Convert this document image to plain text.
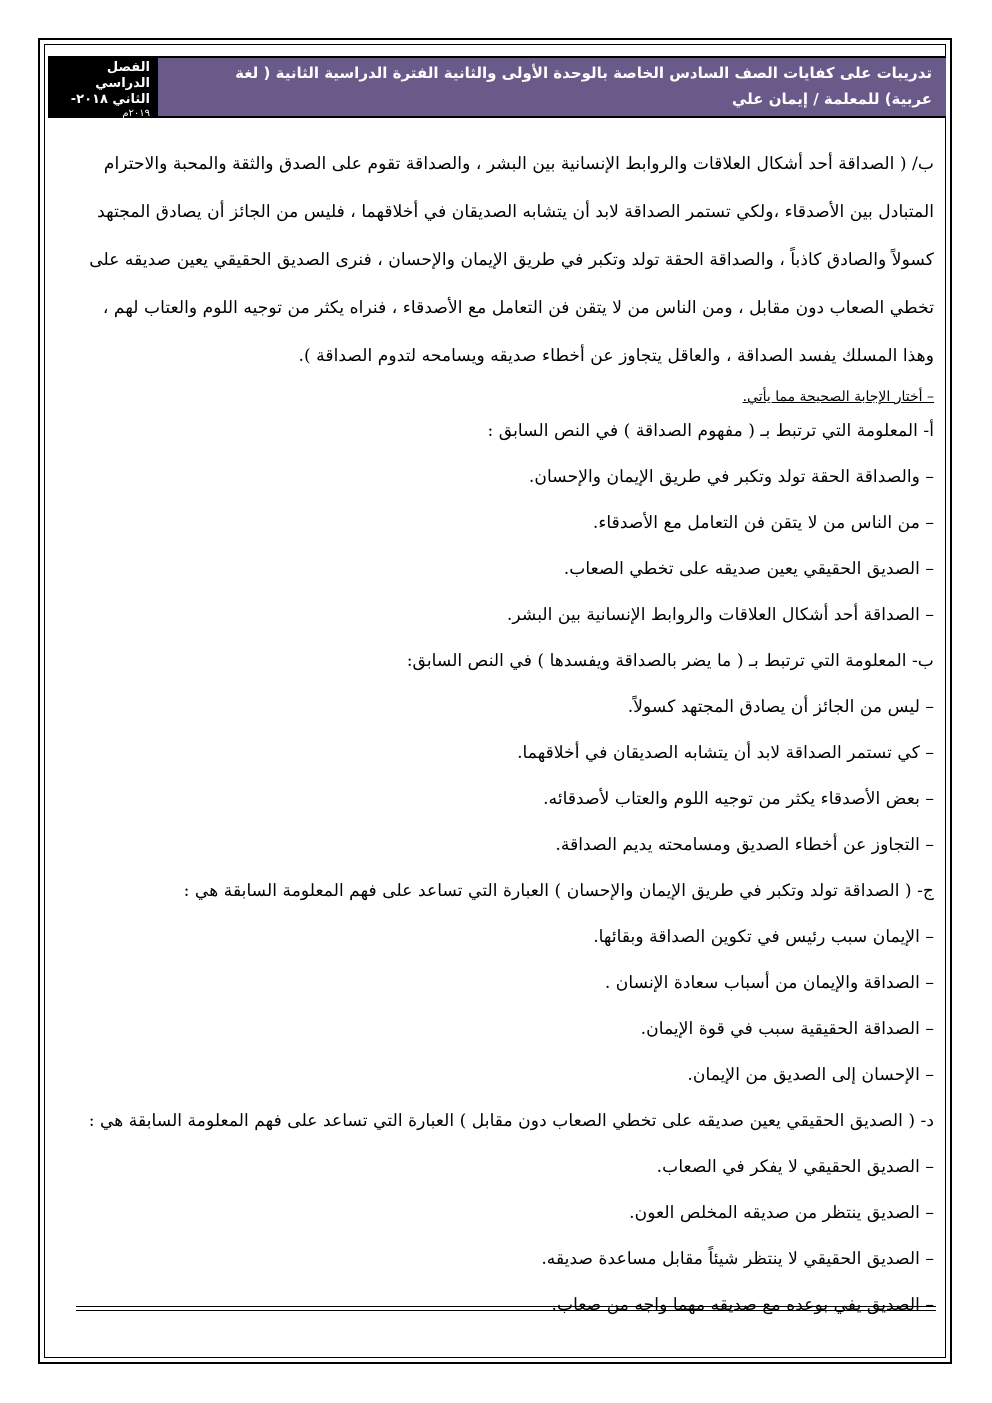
الفصل الدراسي
الثاني ٢٠١٨-
٢٠١٩م
تدريبات على كفايات الصف السادس الخاصة بالوحدة الأولى والثانية الفترة الدراسية الثانية ( لغة
عربية) للمعلمة / إيمان علي

ب/ ( الصداقة أحد أشكال العلاقات والروابط الإنسانية بين البشر ، والصداقة تقوم على الصدق والثقة والمحبة والاحترام

المتبادل بين الأصدقاء ،ولكي تستمر الصداقة لابد أن يتشابه الصديقان في أخلاقهما ، فليس من الجائز أن يصادق المجتهد

كسولاً والصادق كاذباً ، والصداقة الحقة تولد وتكبر في طريق الإيمان والإحسان ، فنرى الصديق الحقيقي يعين صديقه على

تخطي الصعاب دون مقابل ، ومن الناس من لا يتقن فن التعامل مع الأصدقاء ، فنراه يكثر من توجيه اللوم والعتاب لهم ،

وهذا المسلك يفسد الصداقة ، والعاقل يتجاوز عن أخطاء صديقه ويسامحه لتدوم الصداقة ).

– أختار الإجابة الصحيحة مما يأتي.

أ- المعلومة التي ترتبط بـ ( مفهوم الصداقة ) في النص السابق :

– والصداقة الحقة تولد وتكبر في طريق الإيمان والإحسان.

– من الناس من لا يتقن فن التعامل مع الأصدقاء.

– الصديق الحقيقي يعين صديقه على تخطي الصعاب.

– الصداقة أحد أشكال العلاقات والروابط الإنسانية بين البشر.

ب- المعلومة التي ترتبط بـ ( ما يضر بالصداقة ويفسدها ) في النص السابق:

– ليس من الجائز أن يصادق المجتهد كسولاً.

– كي تستمر الصداقة لابد أن يتشابه الصديقان في أخلاقهما.

– بعض الأصدقاء يكثر من توجيه اللوم والعتاب لأصدقائه.

– التجاوز عن أخطاء الصديق ومسامحته يديم الصداقة.

ج- ( الصداقة تولد وتكبر في طريق الإيمان والإحسان ) العبارة التي تساعد على فهم المعلومة السابقة هي :

– الإيمان سبب رئيس في تكوين الصداقة وبقائها.

– الصداقة والإيمان من أسباب سعادة الإنسان .

– الصداقة الحقيقية سبب في قوة الإيمان.

– الإحسان إلى الصديق من الإيمان.

د- ( الصديق الحقيقي يعين صديقه على تخطي الصعاب دون مقابل ) العبارة التي تساعد على فهم المعلومة السابقة هي :

– الصديق الحقيقي لا يفكر في الصعاب.

– الصديق ينتظر من صديقه المخلص العون.

– الصديق الحقيقي لا ينتظر شيئاً مقابل مساعدة صديقه.

– الصديق يفي بوعده مع صديقه مهما واجه من صعاب.
